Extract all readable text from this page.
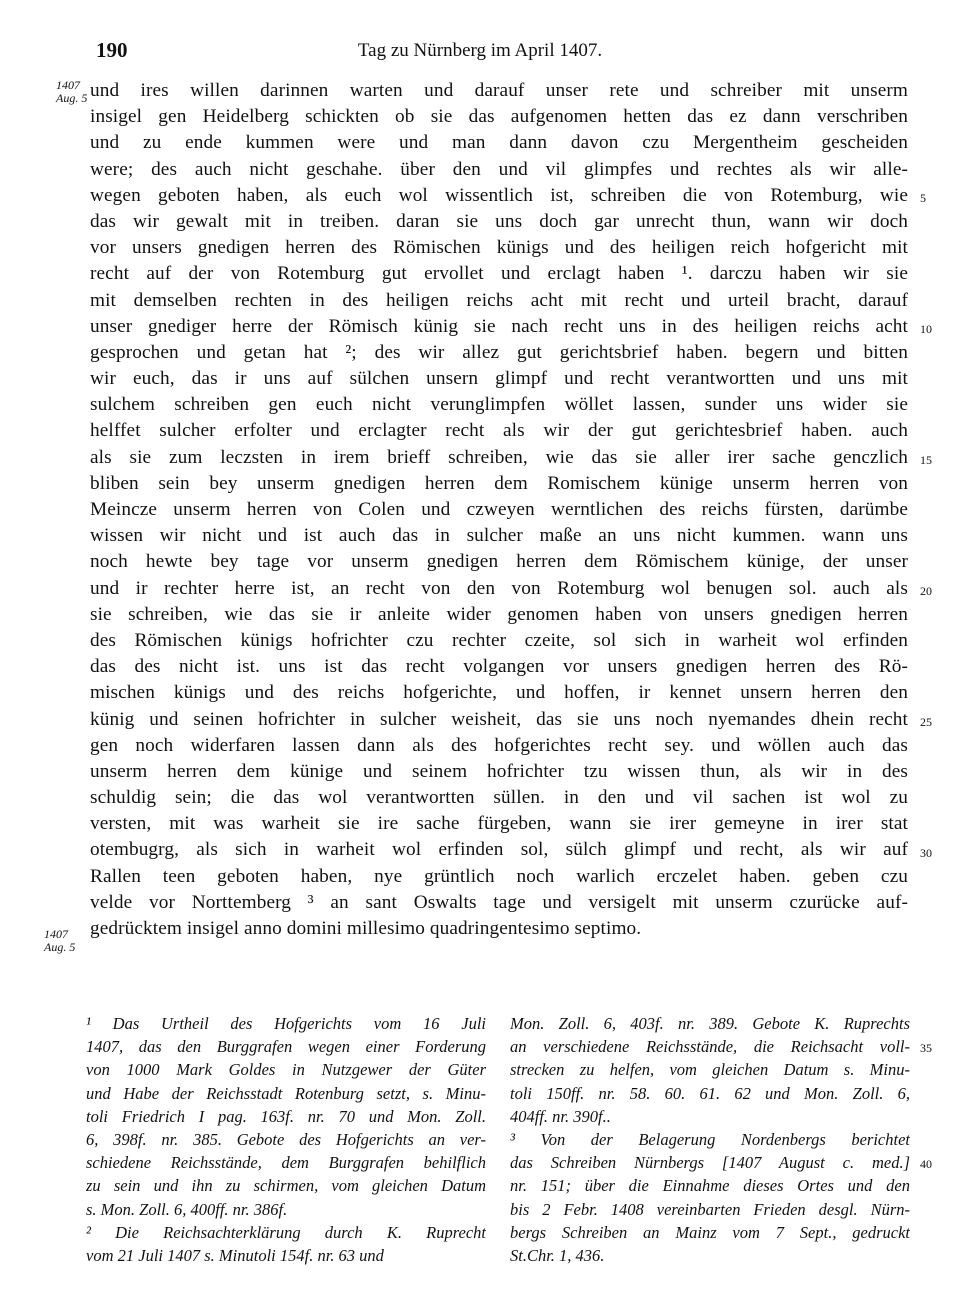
190	Tag zu Nürnberg im April 1407.
1407
Aug. 5
1407
Aug. 5
und ires willen darinnen warten und darauf unser rete und schreiber mit unserm
insigel gen Heidelberg schickten ob sie das aufgenomen hetten das ez dann verschriben
und zu ende kummen were und man dann davon czu Mergentheim gescheiden
were; des auch nicht geschahe. über den und vil glimpfes und rechtes als wir alle-
wegen geboten haben, als euch wol wissentlich ist, schreiben die von Rotemburg, wie
das wir gewalt mit in treiben. daran sie uns doch gar unrecht thun, wann wir doch
vor unsers gnedigen herren des Römischen künigs und des heiligen reich hofgericht mit
recht auf der von Rotemburg gut ervollet und erclagt haben ¹. darczu haben wir sie
mit demselben rechten in des heiligen reichs acht mit recht und urteil bracht, darauf
unser gnediger herre der Römisch künig sie nach recht uns in des heiligen reichs acht
gesprochen und getan hat ²; des wir allez gut gerichtsbrief haben. begern und bitten
wir euch, das ir uns auf sülchen unsern glimpf und recht verantwortten und uns mit
sulchem schreiben gen euch nicht verunglimpfen wöllet lassen, sunder uns wider sie
helffet sulcher erfolter und erclagter recht als wir der gut gerichtesbrief haben. auch
als sie zum leczsten in irem brieff schreiben, wie das sie aller irer sache genczlich
bliben sein bey unserm gnedigen herren dem Romischem künige unserm herren von
Meincze unserm herren von Colen und czweyen werntlichen des reichs fürsten, darümbe
wissen wir nicht und ist auch das in sulcher maße an uns nicht kummen. wann uns
noch hewte bey tage vor unserm gnedigen herren dem Römischem künige, der unser
und ir rechter herre ist, an recht von den von Rotemburg wol benugen sol. auch als
sie schreiben, wie das sie ir anleite wider genomen haben von unsers gnedigen herren
des Römischen künigs hofrichter czu rechter czeite, sol sich in warheit wol erfinden
das des nicht ist. uns ist das recht volgangen vor unsers gnedigen herren des Rö-
mischen künigs und des reichs hofgerichte, und hoffen, ir kennet unsern herren den
künig und seinen hofrichter in sulcher weisheit, das sie uns noch nyemandes dhein recht
gen noch widerfaren lassen dann als des hofgerichtes recht sey. und wöllen auch das
unserm herren dem künige und seinem hofrichter tzu wissen thun, als wir in des
schuldig sein; die das wol verantwortten süllen. in den und vil sachen ist wol zu
versten, mit was warheit sie ire sache fürgeben, wann sie irer gemeyne in irer stat
otembugrg, als sich in warheit wol erfinden sol, sülch glimpf und recht, als wir auf
Rallen teen geboten haben, nye grüntlich noch warlich erczelet haben. geben czu
velde vor Norttemberg ³ an sant Oswalts tage und versigelt mit unserm czurücke auf-
gedrücktem insigel anno domini millesimo quadringentesimo septimo.
5
10
15
20
25
30
¹ Das Urtheil des Hofgerichts vom 16 Juli
1407, das den Burggrafen wegen einer Forderung
von 1000 Mark Goldes in Nutzgewer der Güter
und Habe der Reichsstadt Rotenburg setzt, s. Minu-
toli Friedrich I pag. 163f. nr. 70 und Mon. Zoll.
6, 398f. nr. 385. Gebote des Hofgerichts an ver-
schiedene Reichsstände, dem Burggrafen behilflich
zu sein und ihn zu schirmen, vom gleichen Datum
s. Mon. Zoll. 6, 400ff. nr. 386f.
² Die Reichsachterklärung durch K. Ruprecht
vom 21 Juli 1407 s. Minutoli 154f. nr. 63 und
Mon. Zoll. 6, 403f. nr. 389. Gebote K. Ruprechts
an verschiedene Reichsstände, die Reichsacht voll-
strecken zu helfen, vom gleichen Datum s. Minu-
toli 150ff. nr. 58. 60. 61. 62 und Mon. Zoll. 6,
404ff. nr. 390f..
³ Von der Belagerung Nordenbergs berichtet
das Schreiben Nürnbergs [1407 August c. med.]
nr. 151; über die Einnahme dieses Ortes und den
bis 2 Febr. 1408 vereinbarten Frieden desgl. Nürn-
bergs Schreiben an Mainz vom 7 Sept., gedruckt
St.Chr. 1, 436.
35
40
